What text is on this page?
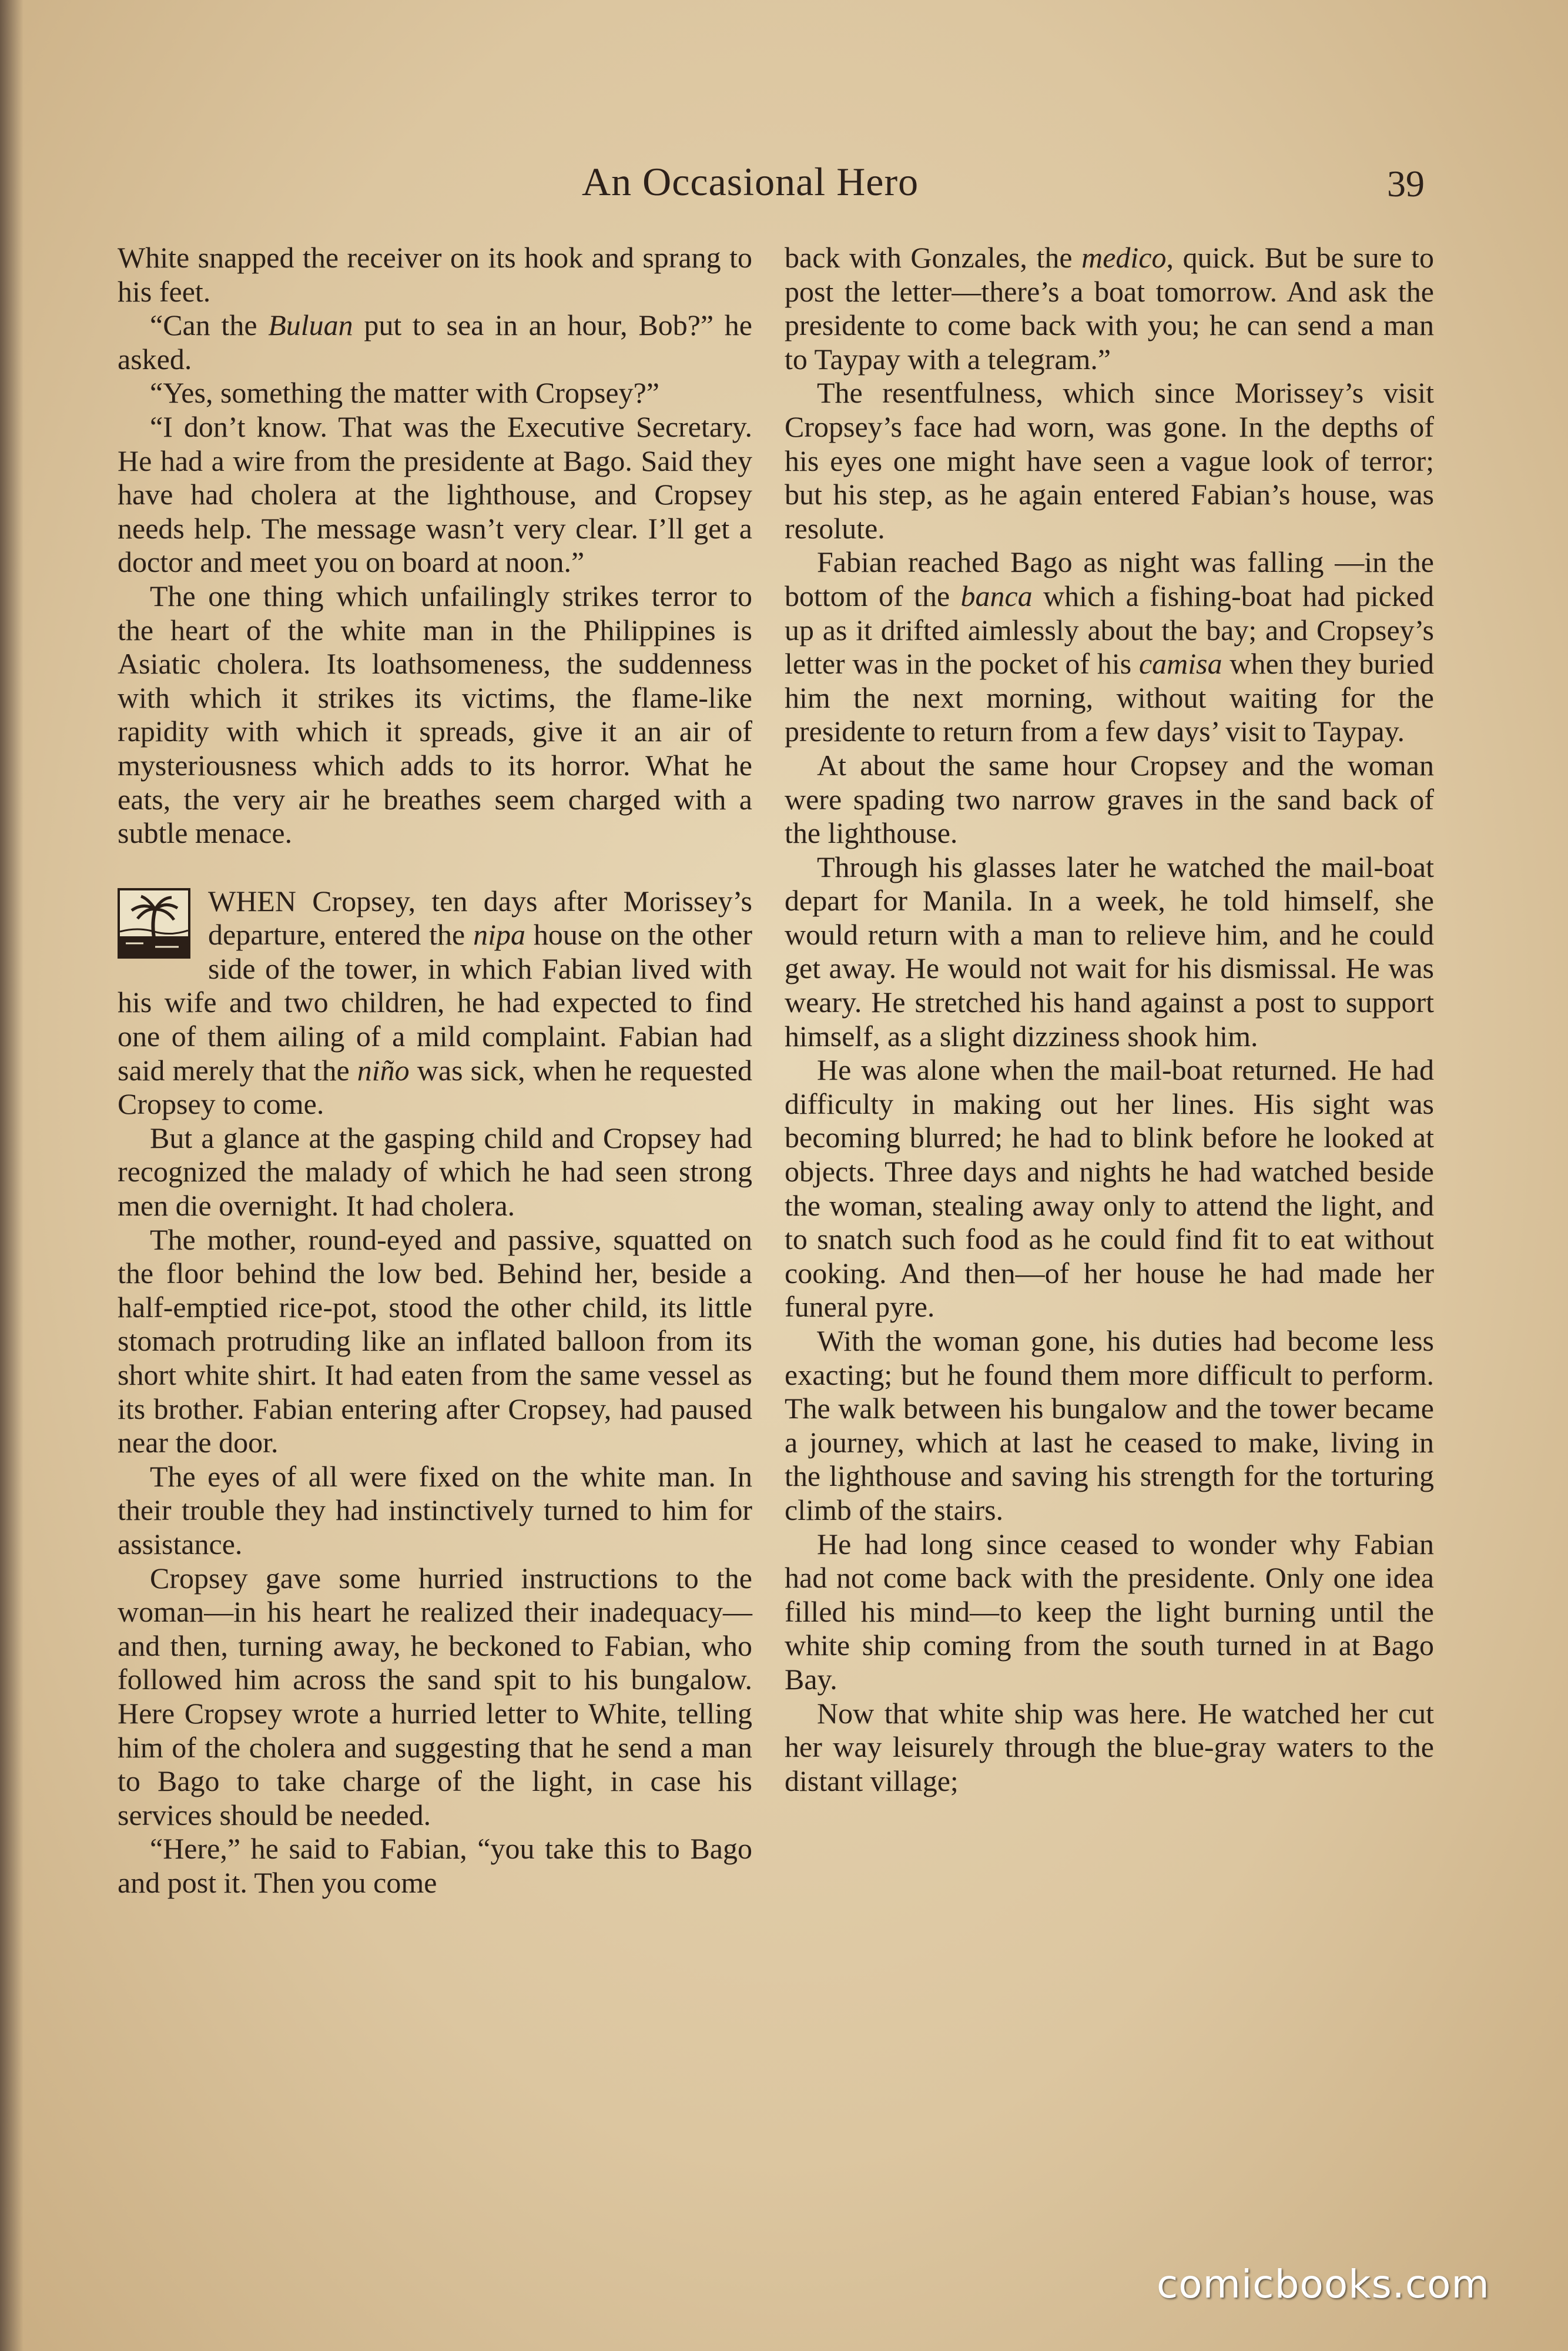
An Occasional Hero	39

White snapped the receiver on its hook and sprang to his feet.

“Can the Buluan put to sea in an hour, Bob?” he asked.

“Yes, something the matter with Cropsey?”

“I don’t know. That was the Executive Secretary. He had a wire from the presidente at Bago. Said they have had cholera at the lighthouse, and Cropsey needs help. The message wasn’t very clear. I’ll get a doctor and meet you on board at noon.”

The one thing which unfailingly strikes terror to the heart of the white man in the Philippines is Asiatic cholera. Its loathsomeness, the suddenness with which it strikes its victims, the flame-like rapidity with which it spreads, give it an air of mysteriousness which adds to its horror. What he eats, the very air he breathes seem charged with a subtle menace.

WHEN Cropsey, ten days after Morissey’s departure, entered the nipa house on the other side of the tower, in which Fabian lived with his wife and two children, he had expected to find one of them ailing of a mild complaint. Fabian had said merely that the niño was sick, when he requested Cropsey to come.

But a glance at the gasping child and Cropsey had recognized the malady of which he had seen strong men die overnight. It had cholera.

The mother, round-eyed and passive, squatted on the floor behind the low bed. Behind her, beside a half-emptied rice-pot, stood the other child, its little stomach protruding like an inflated balloon from its short white shirt. It had eaten from the same vessel as its brother. Fabian entering after Cropsey, had paused near the door.

The eyes of all were fixed on the white man. In their trouble they had instinctively turned to him for assistance.

Cropsey gave some hurried instructions to the woman—in his heart he realized their inadequacy—and then, turning away, he beckoned to Fabian, who followed him across the sand spit to his bungalow. Here Cropsey wrote a hurried letter to White, telling him of the cholera and suggesting that he send a man to Bago to take charge of the light, in case his services should be needed.

“Here,” he said to Fabian, “you take this to Bago and post it. Then you come

back with Gonzales, the medico, quick. But be sure to post the letter—there’s a boat tomorrow. And ask the presidente to come back with you; he can send a man to Taypay with a telegram.”

The resentfulness, which since Morissey’s visit Cropsey’s face had worn, was gone. In the depths of his eyes one might have seen a vague look of terror; but his step, as he again entered Fabian’s house, was resolute.

Fabian reached Bago as night was falling —in the bottom of the banca which a fishing-boat had picked up as it drifted aimlessly about the bay; and Cropsey’s letter was in the pocket of his camisa when they buried him the next morning, without waiting for the presidente to return from a few days’ visit to Taypay.

At about the same hour Cropsey and the woman were spading two narrow graves in the sand back of the lighthouse.

Through his glasses later he watched the mail-boat depart for Manila. In a week, he told himself, she would return with a man to relieve him, and he could get away. He would not wait for his dismissal. He was weary. He stretched his hand against a post to support himself, as a slight dizziness shook him.

He was alone when the mail-boat returned. He had difficulty in making out her lines. His sight was becoming blurred; he had to blink before he looked at objects. Three days and nights he had watched beside the woman, stealing away only to attend the light, and to snatch such food as he could find fit to eat without cooking. And then—of her house he had made her funeral pyre.

With the woman gone, his duties had become less exacting; but he found them more difficult to perform. The walk between his bungalow and the tower became a journey, which at last he ceased to make, living in the lighthouse and saving his strength for the torturing climb of the stairs.

He had long since ceased to wonder why Fabian had not come back with the presidente. Only one idea filled his mind—to keep the light burning until the white ship coming from the south turned in at Bago Bay.

Now that white ship was here. He watched her cut her way leisurely through the blue-gray waters to the distant village;

comicbooks.com
